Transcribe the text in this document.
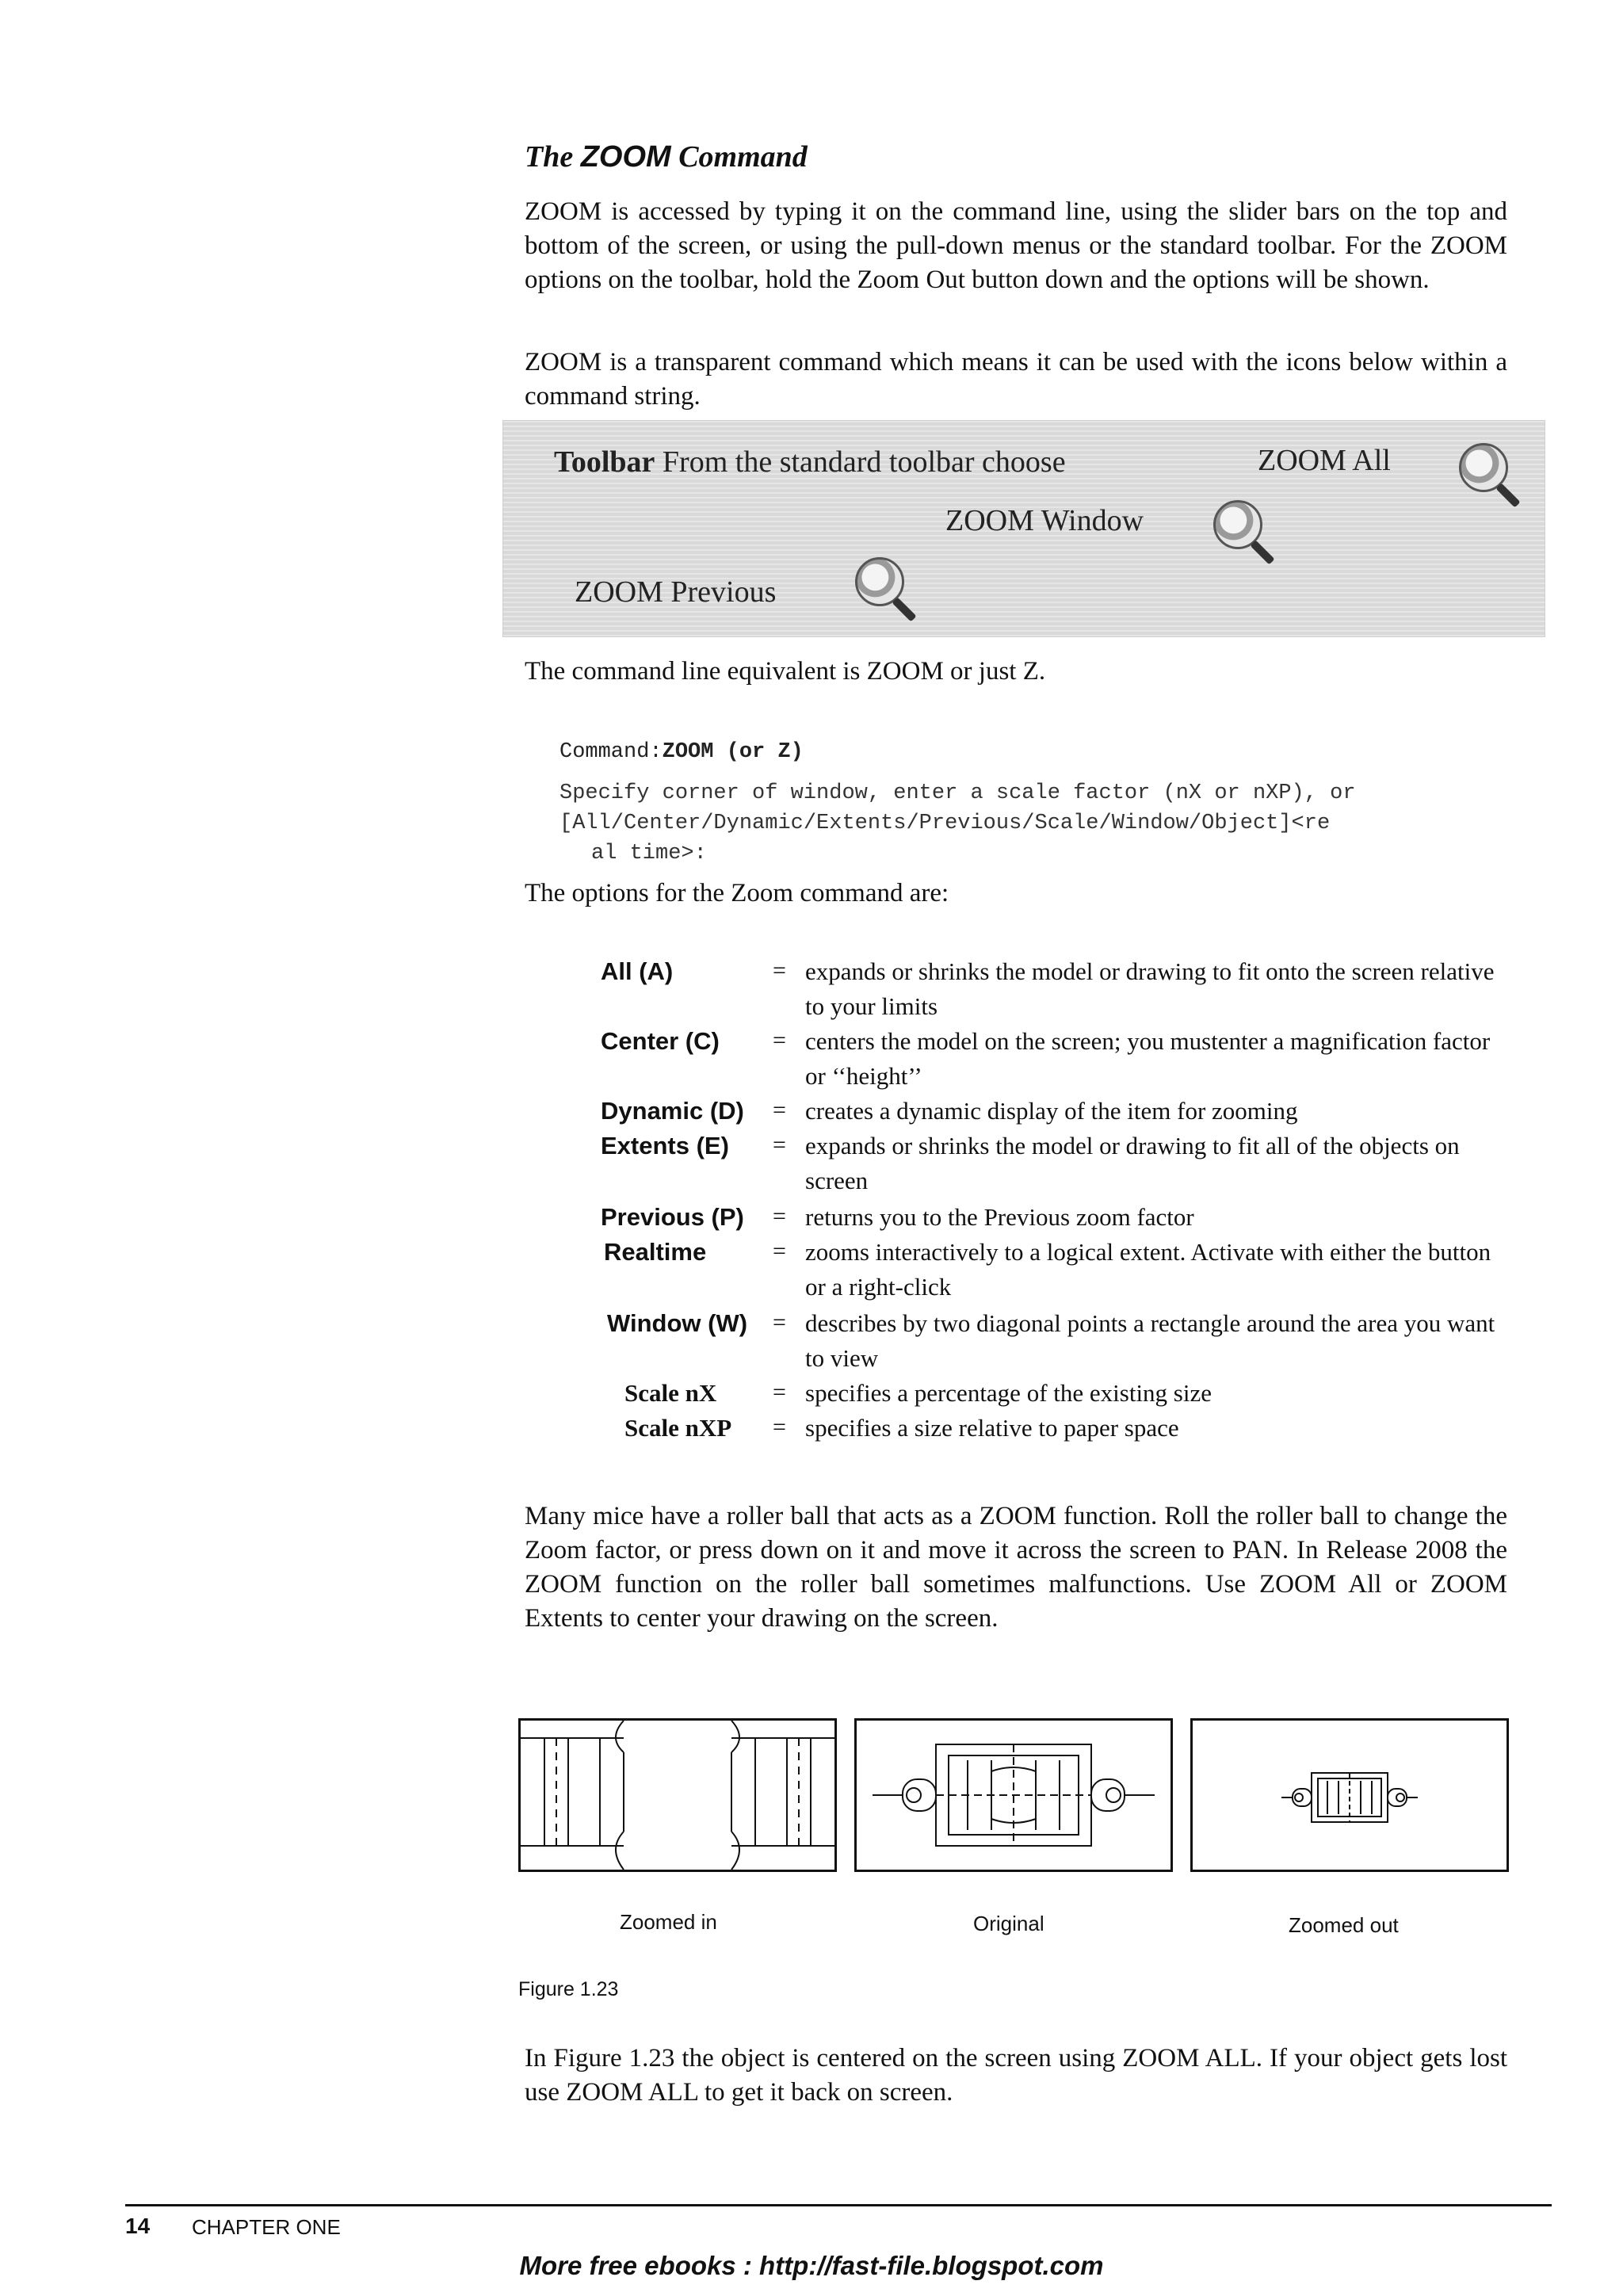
The ZOOM Command
ZOOM is accessed by typing it on the command line, using the slider bars on the top and bottom of the screen, or using the pull-down menus or the standard toolbar. For the ZOOM options on the toolbar, hold the Zoom Out button down and the options will be shown.
ZOOM is a transparent command which means it can be used with the icons below within a command string.
Toolbar From the standard toolbar choose	ZOOM All
ZOOM Window
ZOOM Previous
The command line equivalent is ZOOM or just Z.
Command:ZOOM (or Z)
Specify corner of window, enter a scale factor (nX or nXP), or
[All/Center/Dynamic/Extents/Previous/Scale/Window/Object]<re
al time>:
The options for the Zoom command are:
All (A)	= expands or shrinks the model or drawing to fit onto the screen relative to your limits
Center (C) = centers the model on the screen; you mustenter a magnification factor or ‘‘height’’
Dynamic (D) = creates a dynamic display of the item for zooming
Extents (E) = expands or shrinks the model or drawing to fit all of the objects on screen
Previous (P) = returns you to the Previous zoom factor
Realtime	= zooms interactively to a logical extent. Activate with either the button or a right-click
Window (W) = describes by two diagonal points a rectangle around the area you want to view
Scale nX = specifies a percentage of the existing size
Scale nXP = specifies a size relative to paper space
Many mice have a roller ball that acts as a ZOOM function. Roll the roller ball to change the Zoom factor, or press down on it and move it across the screen to PAN. In Release 2008 the ZOOM function on the roller ball sometimes malfunctions. Use ZOOM All or ZOOM Extents to center your drawing on the screen.
Zoomed in	Original	Zoomed out
Figure 1.23
In Figure 1.23 the object is centered on the screen using ZOOM ALL. If your object gets lost use ZOOM ALL to get it back on screen.
14 CHAPTER ONE
More free ebooks : http://fast-file.blogspot.com
